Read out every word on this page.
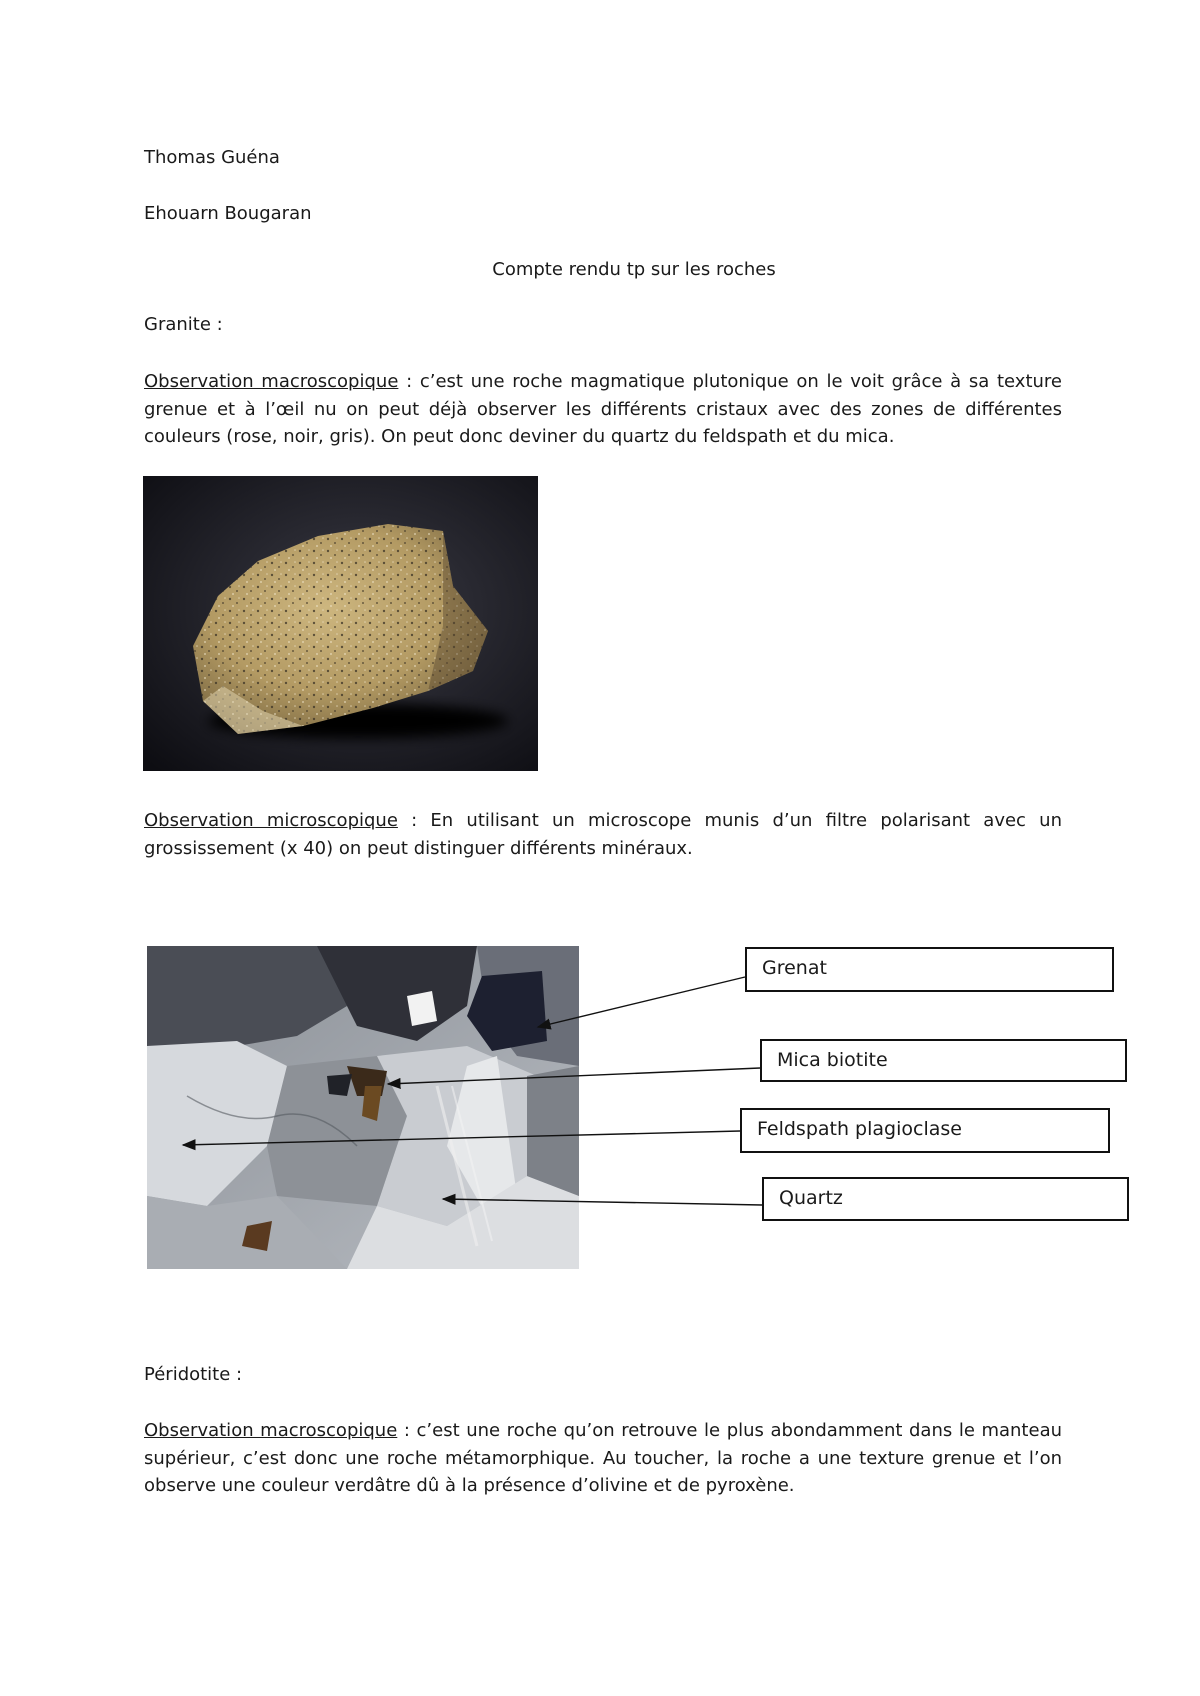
Thomas Guéna
Ehouarn Bougaran
Compte rendu tp sur les roches
Granite :
Observation macroscopique : c’est une roche magmatique plutonique on le voit grâce à sa texture grenue et à l’œil nu on peut déjà observer les différents cristaux avec des zones de différentes couleurs (rose, noir, gris). On peut donc deviner du quartz du feldspath et du mica.
Observation microscopique : En utilisant un microscope munis d’un filtre polarisant avec un grossissement (x 40) on peut distinguer différents minéraux.
Grenat
Mica biotite
Feldspath plagioclase
Quartz
Péridotite :
Observation macroscopique : c’est une roche qu’on retrouve le plus abondamment dans le manteau supérieur, c’est donc une roche métamorphique. Au toucher, la roche a une texture grenue et l’on observe une couleur verdâtre dû à la présence d’olivine et de pyroxène.
